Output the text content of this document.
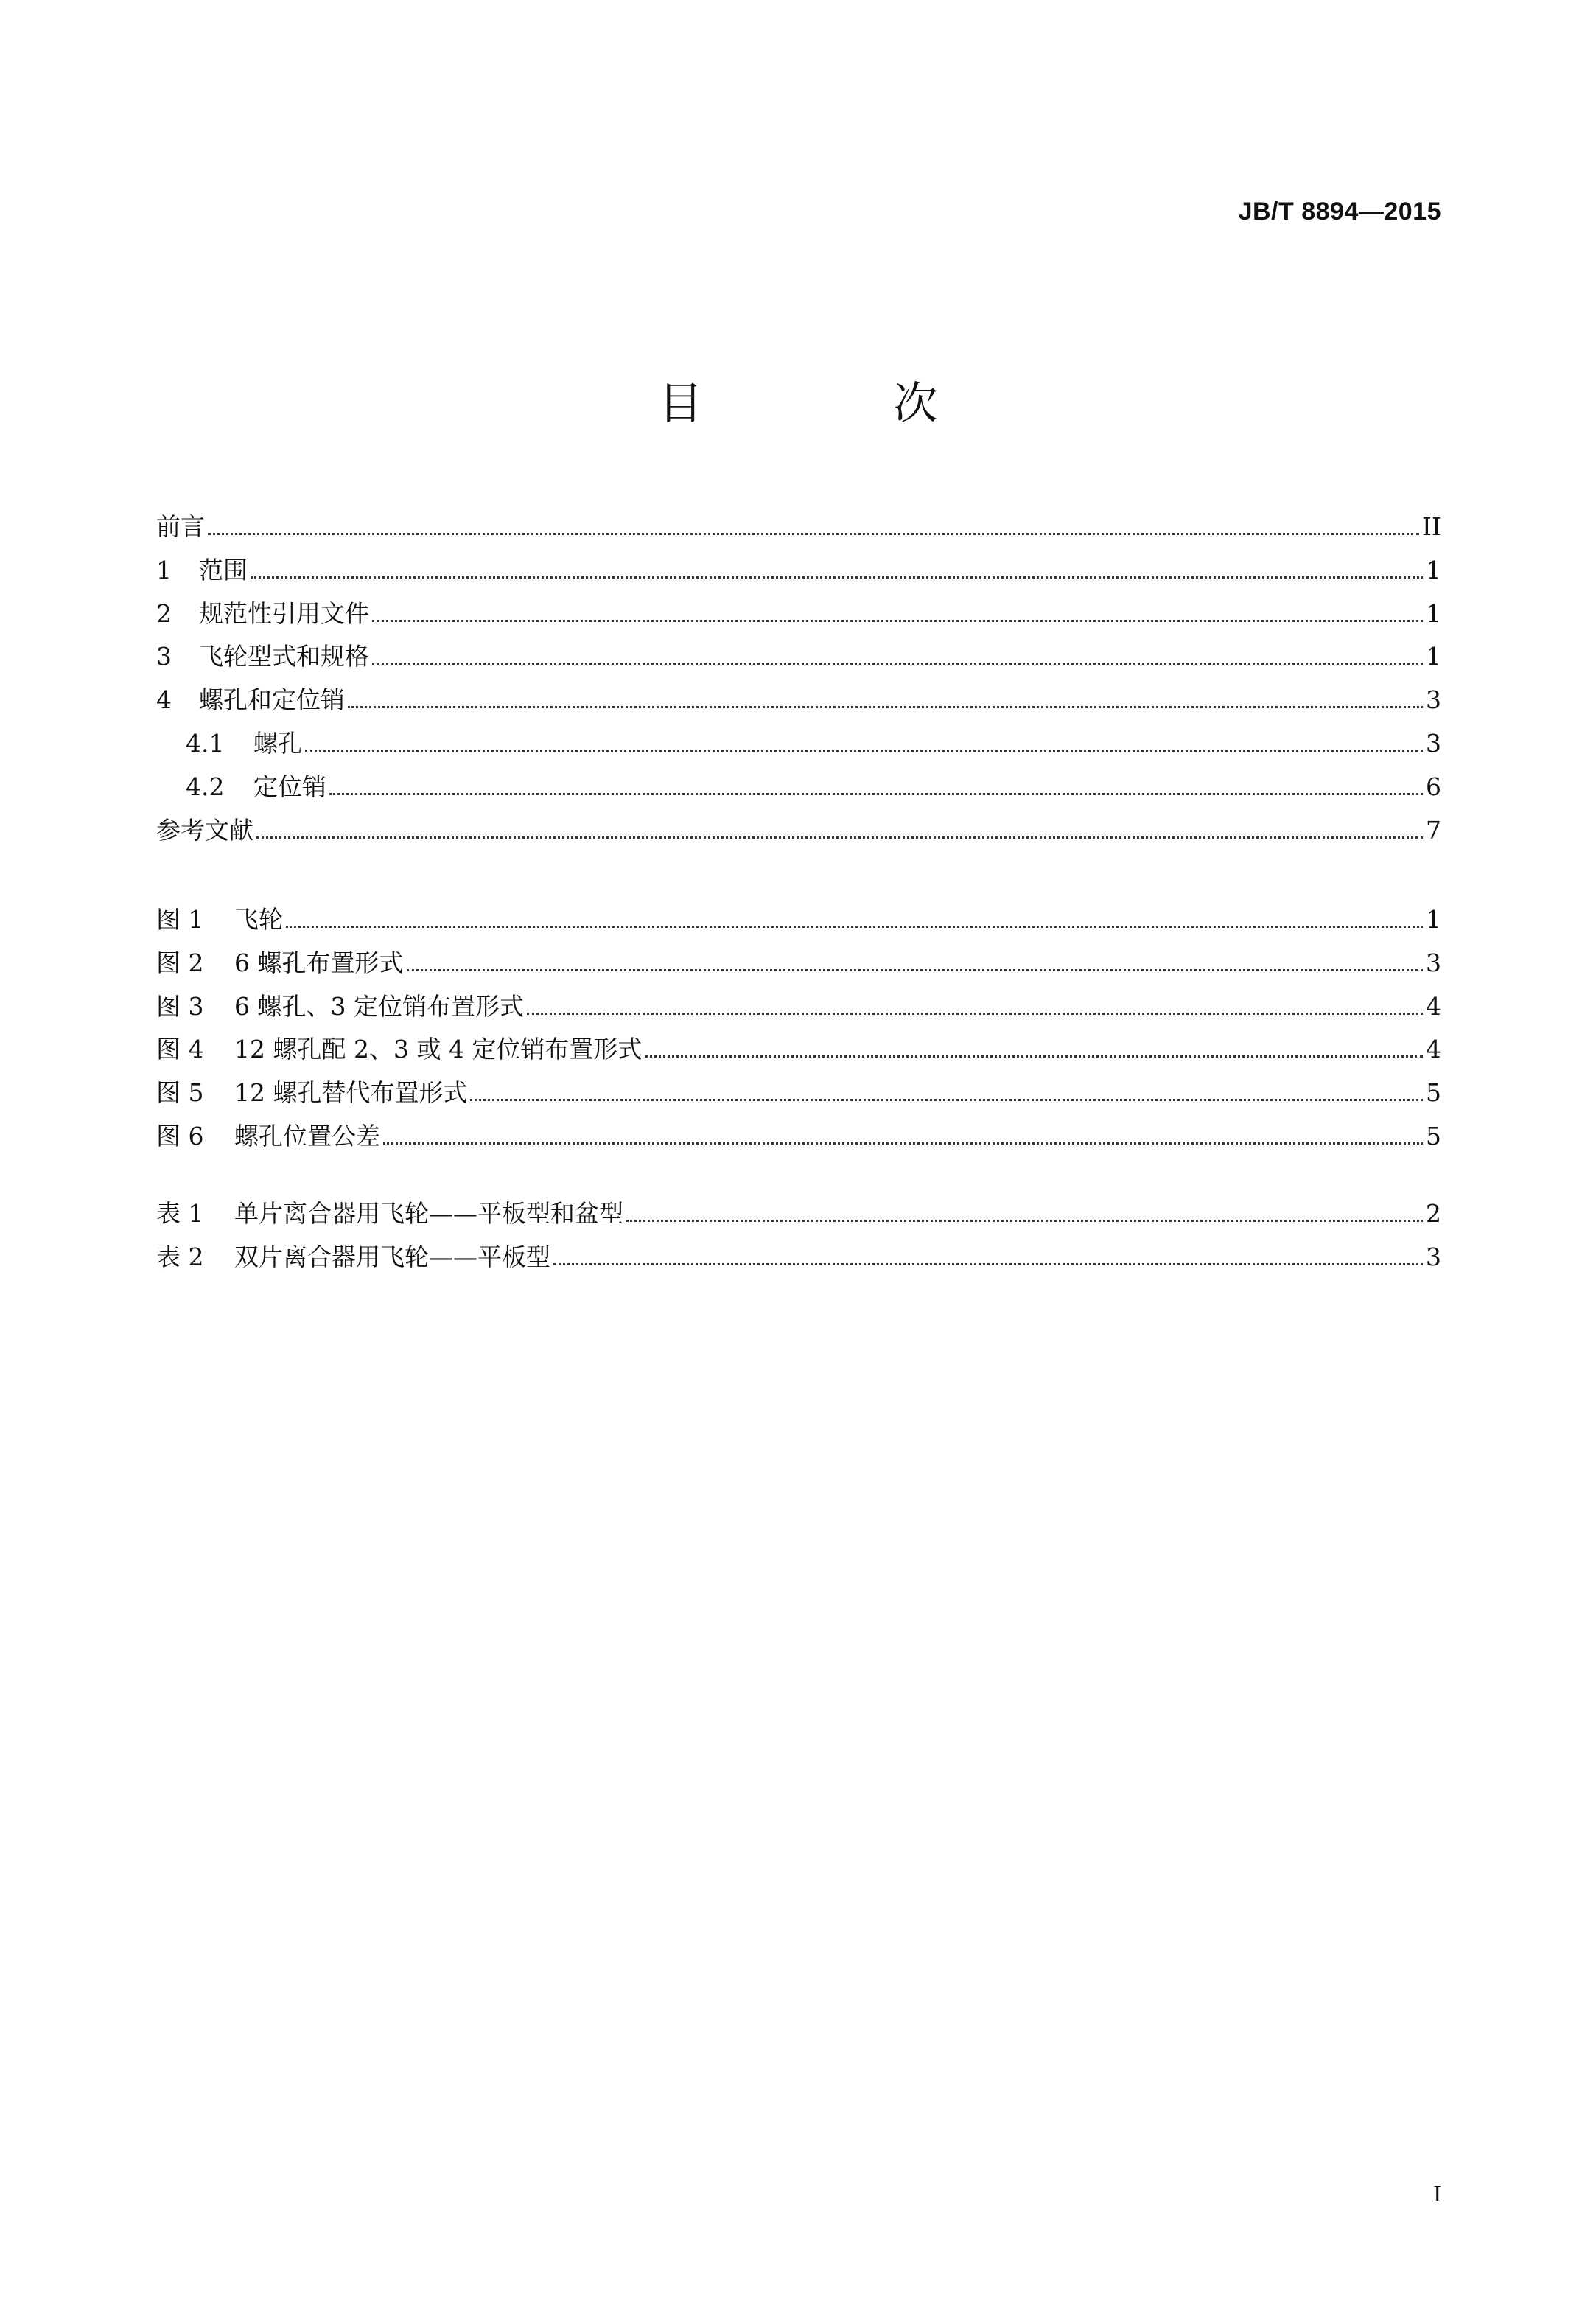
JB/T 8894—2015
目 次
前言	II
1	范围	1
2	规范性引用文件	1
3	飞轮型式和规格	1
4	螺孔和定位销	3
4.1	螺孔	3
4.2	定位销	6
参考文献	7
图 1	飞轮	1
图 2	6 螺孔布置形式	3
图 3	6 螺孔、3 定位销布置形式	4
图 4	12 螺孔配 2、3 或 4 定位销布置形式	4
图 5	12 螺孔替代布置形式	5
图 6	螺孔位置公差	5
表 1	单片离合器用飞轮——平板型和盆型	2
表 2	双片离合器用飞轮——平板型	3
I
